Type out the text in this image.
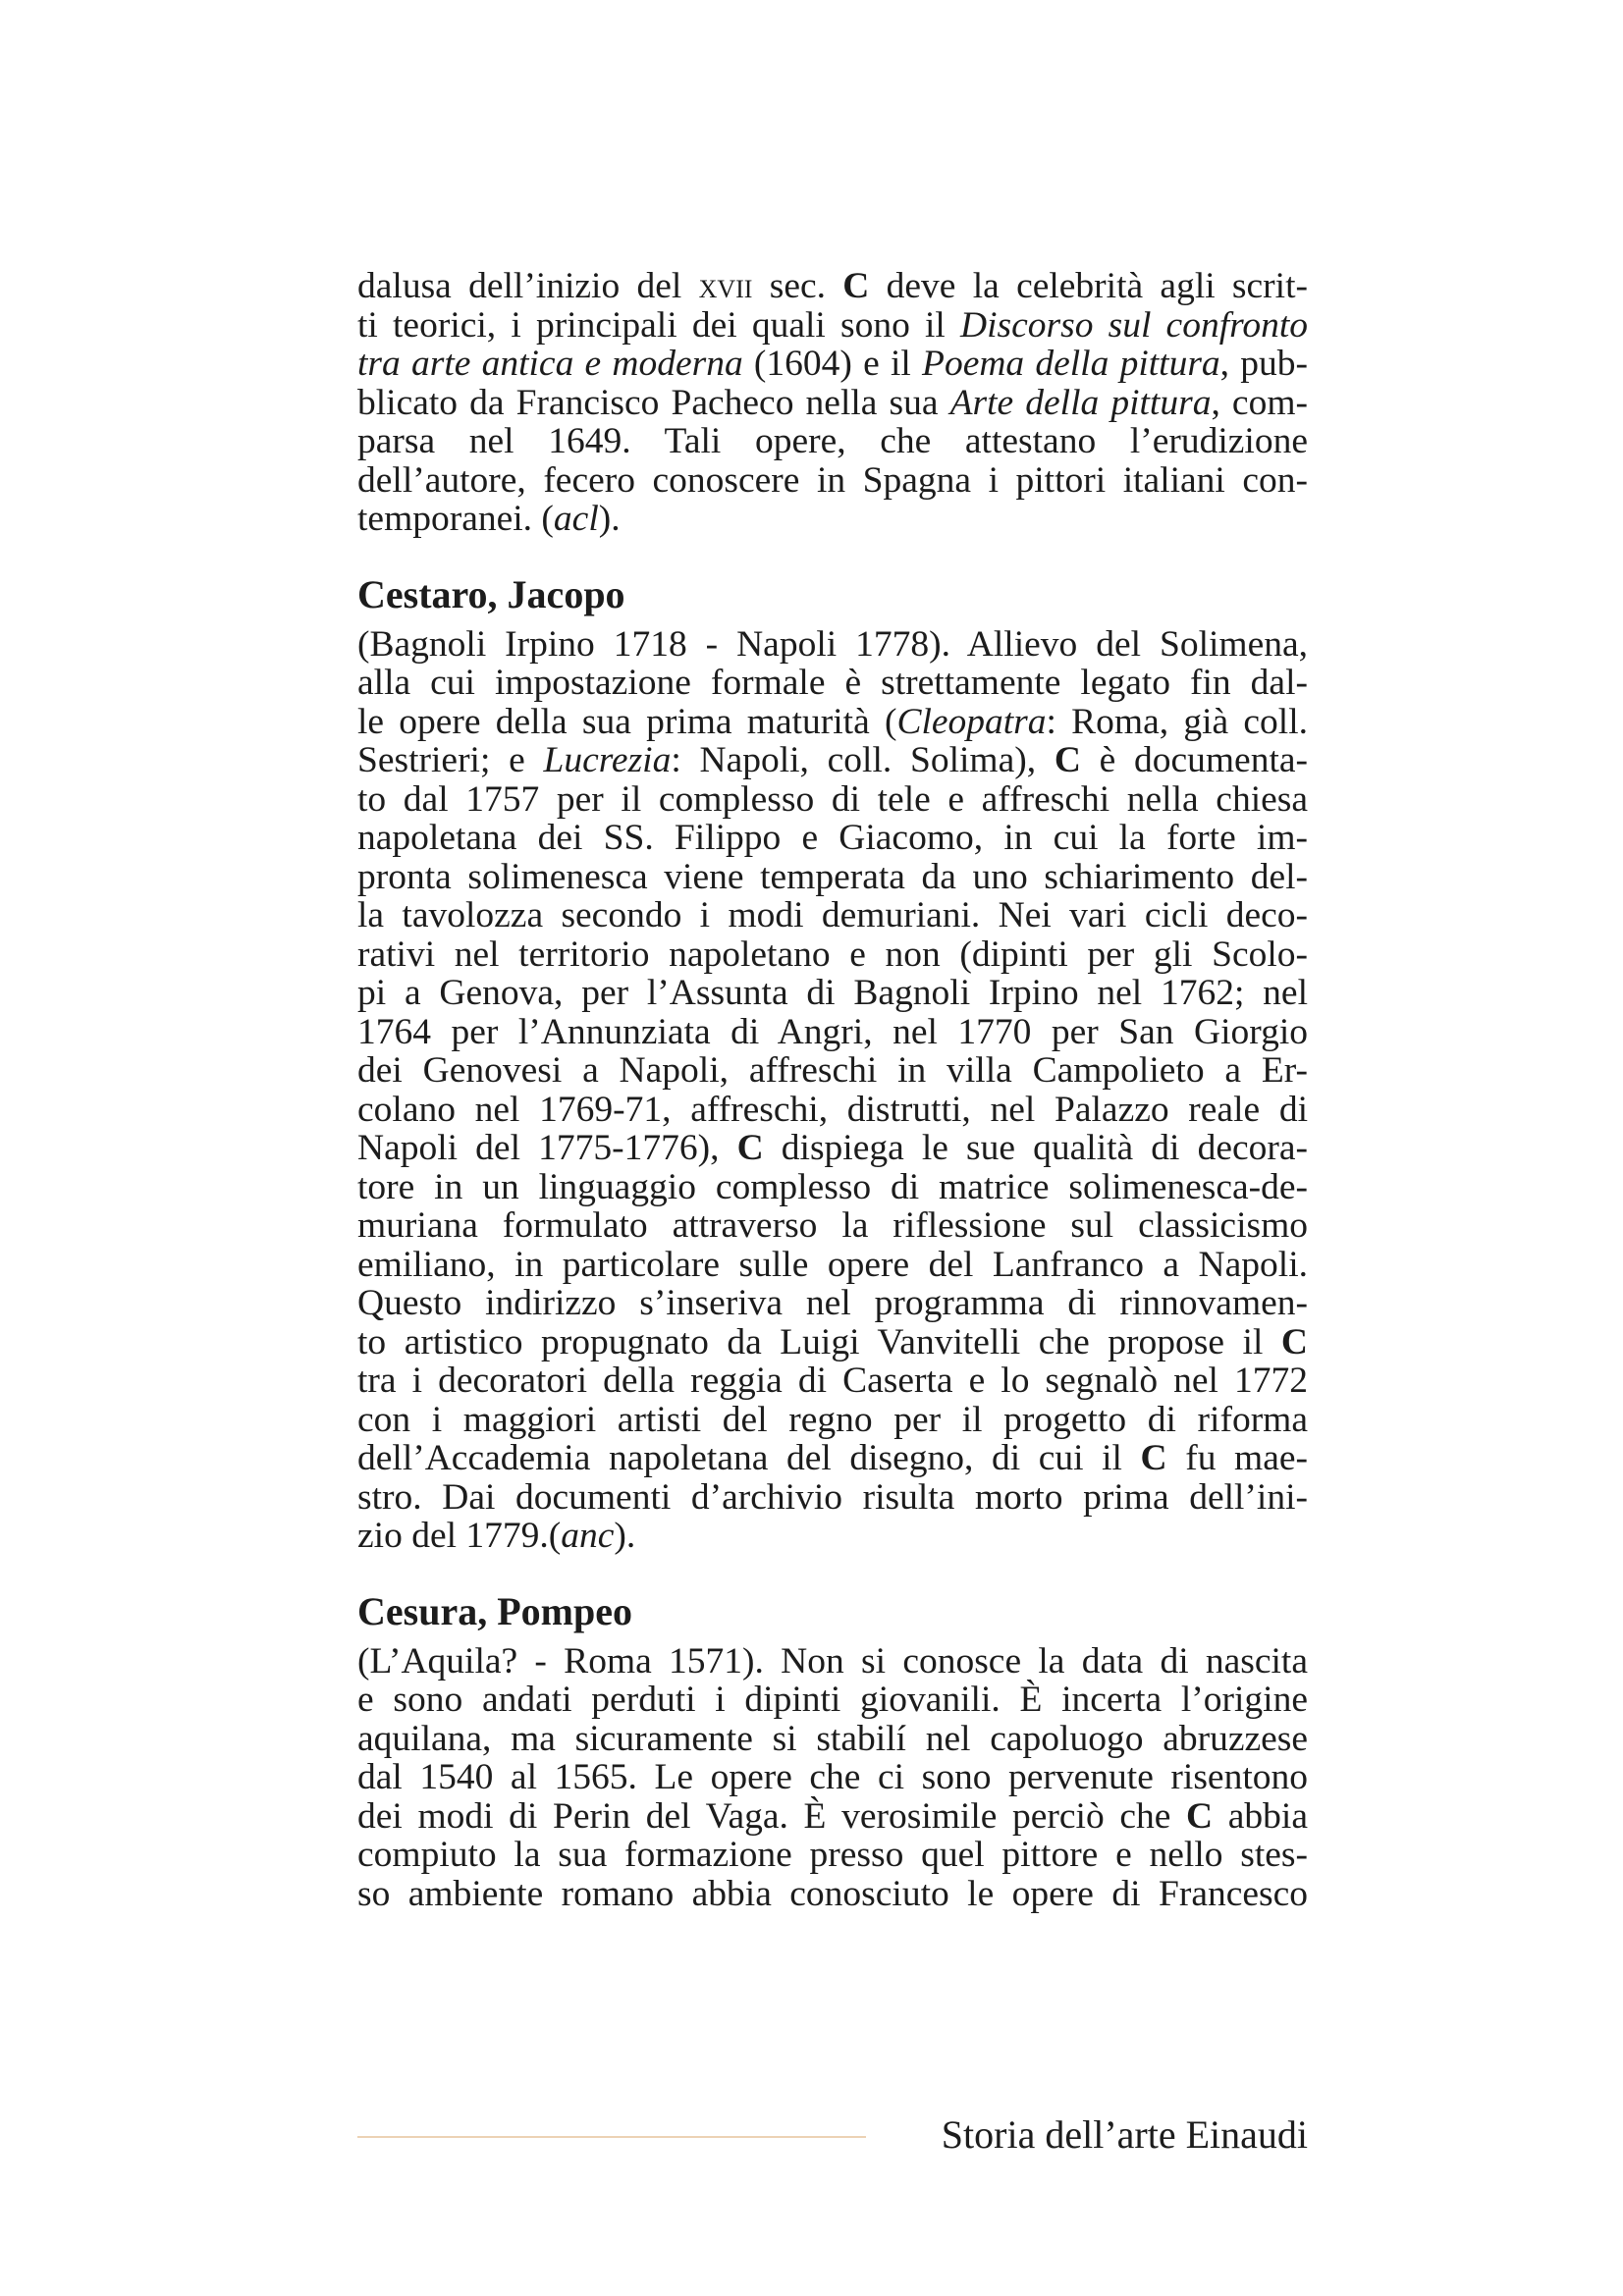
dalusa dell’inizio del xvii sec. C deve la celebrità agli scrit-
ti teorici, i principali dei quali sono il Discorso sul confronto
tra arte antica e moderna (1604) e il Poema della pittura, pub-
blicato da Francisco Pacheco nella sua Arte della pittura, com-
parsa nel 1649. Tali opere, che attestano l’erudizione
dell’autore, fecero conoscere in Spagna i pittori italiani con-
temporanei. (acl).

Cestaro, Jacopo

(Bagnoli Irpino 1718 - Napoli 1778). Allievo del Solimena,
alla cui impostazione formale è strettamente legato fin dal-
le opere della sua prima maturità (Cleopatra: Roma, già coll.
Sestrieri; e Lucrezia: Napoli, coll. Solima), C è documenta-
to dal 1757 per il complesso di tele e affreschi nella chiesa
napoletana dei SS. Filippo e Giacomo, in cui la forte im-
pronta solimenesca viene temperata da uno schiarimento del-
la tavolozza secondo i modi demuriani. Nei vari cicli deco-
rativi nel territorio napoletano e non (dipinti per gli Scolo-
pi a Genova, per l’Assunta di Bagnoli Irpino nel 1762; nel
1764 per l’Annunziata di Angri, nel 1770 per San Giorgio
dei Genovesi a Napoli, affreschi in villa Campolieto a Er-
colano nel 1769-71, affreschi, distrutti, nel Palazzo reale di
Napoli del 1775-1776), C dispiega le sue qualità di decora-
tore in un linguaggio complesso di matrice solimenesca-de-
muriana formulato attraverso la riflessione sul classicismo
emiliano, in particolare sulle opere del Lanfranco a Napoli.
Questo indirizzo s’inseriva nel programma di rinnovamen-
to artistico propugnato da Luigi Vanvitelli che propose il C
tra i decoratori della reggia di Caserta e lo segnalò nel 1772
con i maggiori artisti del regno per il progetto di riforma
dell’Accademia napoletana del disegno, di cui il C fu mae-
stro. Dai documenti d’archivio risulta morto prima dell’ini-
zio del 1779.(anc).

Cesura, Pompeo

(L’Aquila? - Roma 1571). Non si conosce la data di nascita
e sono andati perduti i dipinti giovanili. È incerta l’origine
aquilana, ma sicuramente si stabilí nel capoluogo abruzzese
dal 1540 al 1565. Le opere che ci sono pervenute risentono
dei modi di Perin del Vaga. È verosimile perciò che C abbia
compiuto la sua formazione presso quel pittore e nello stes-
so ambiente romano abbia conosciuto le opere di Francesco

Storia dell’arte Einaudi
